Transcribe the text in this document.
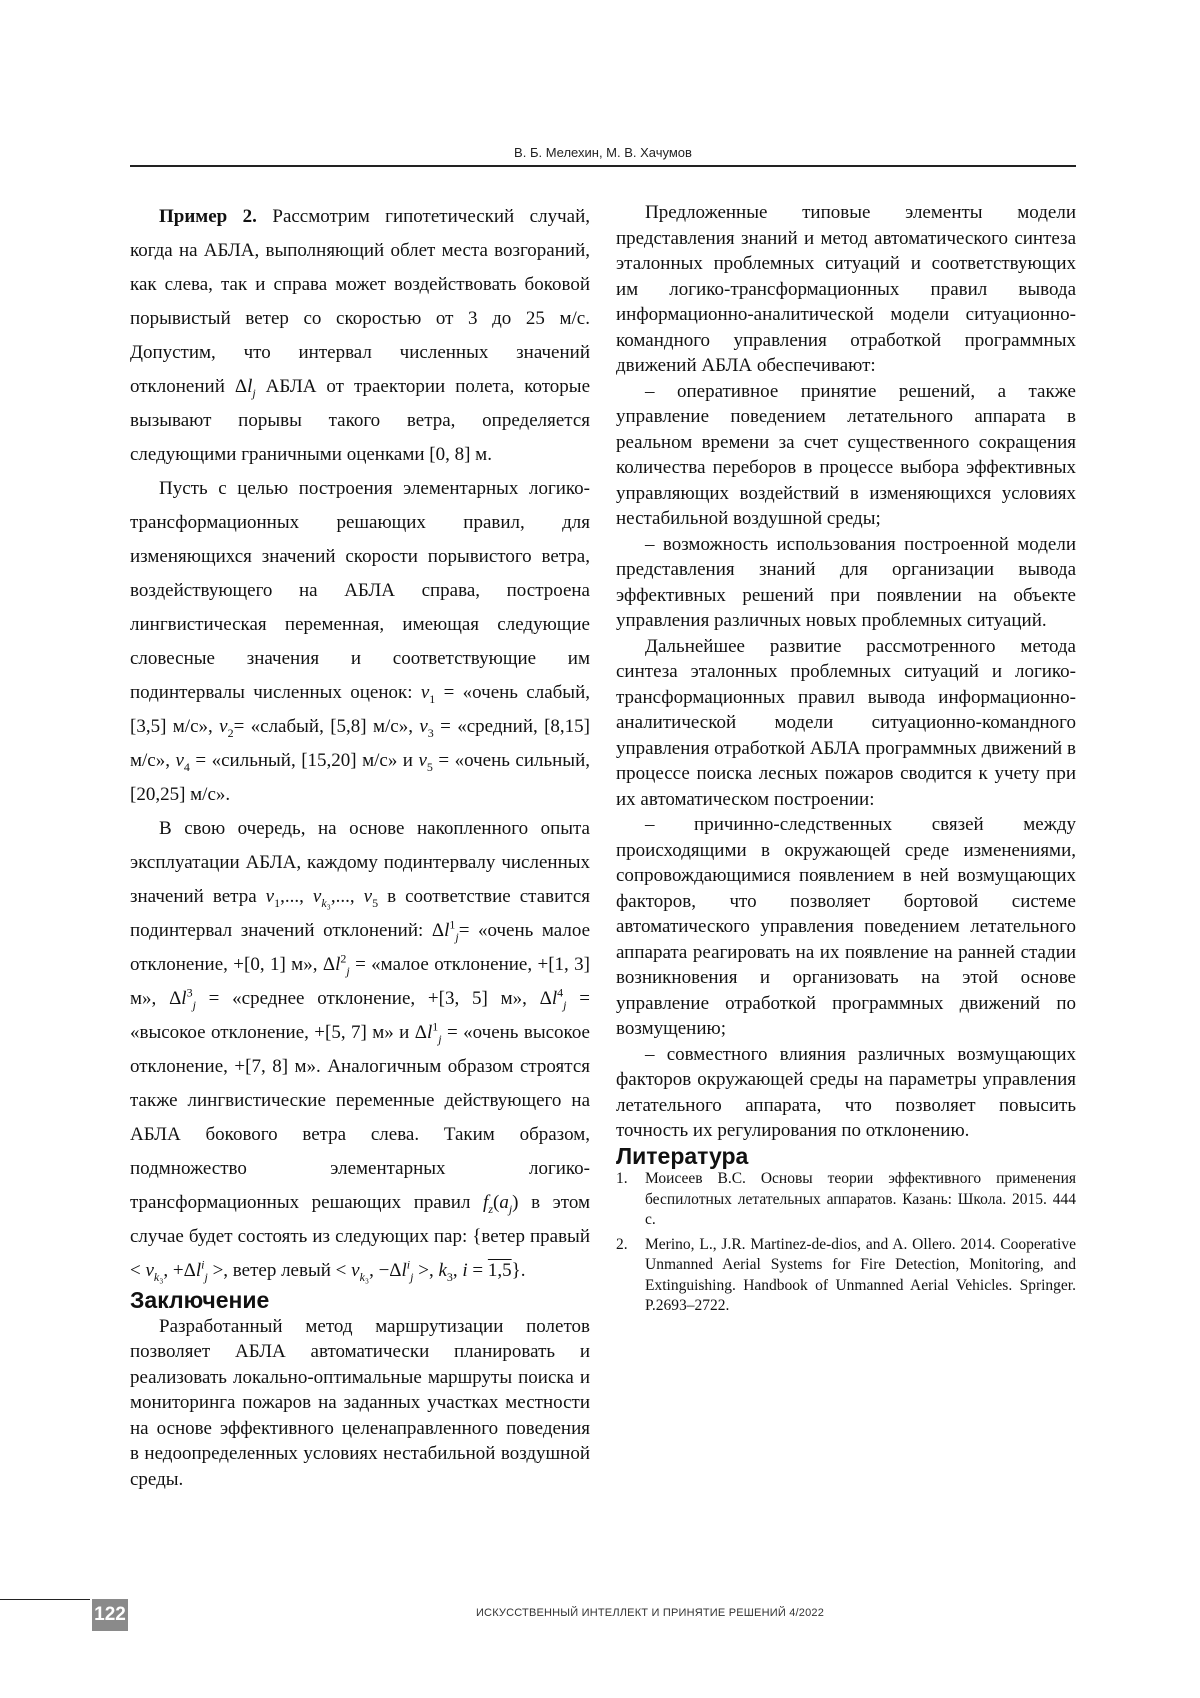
В. Б. Мелехин, М. В. Хачумов

Пример 2. Рассмотрим гипотетический случай, когда на АБЛА, выполняющий облет места возгораний, как слева, так и справа может воздействовать боковой порывистый ветер со скоростью от 3 до 25 м/с. Допустим, что интервал численных значений отклонений $\Delta l_j$ АБЛА от траектории полета, которые вызывают порывы такого ветра, определяется следующими граничными оценками [0, 8] м.

Пусть с целью построения элементарных логико-трансформационных решающих правил, для изменяющихся значений скорости порывистого ветра, воздействующего на АБЛА справа, построена лингвистическая переменная, имеющая следующие словесные значения и соответствующие им подинтервалы численных оценок: $v_1$ = «очень слабый, [3,5] м/с», $v_2=$ «слабый, [5,8] м/с», $v_3$ = «средний, [8,15] м/с», $v_4$ = «сильный, [15,20] м/с» и $v_5$ = «очень сильный, [20,25] м/с».

В свою очередь, на основе накопленного опыта эксплуатации АБЛА, каждому подинтервалу численных значений ветра $v_1$,..., $v_{k_3}$,..., $v_5$ в соответствие ставится подинтервал значений отклонений: $\Delta l^1_j=$ «очень малое отклонение, +[0, 1] м», $\Delta l^2_j$ = «малое отклонение, +[1, 3] м», $\Delta l^3_j$ = «среднее отклонение, +[3, 5] м», $\Delta l^4_j$ = «высокое отклонение, +[5, 7] м» и $\Delta l^1_j$ = «очень высокое отклонение, +[7, 8] м». Аналогичным образом строятся также лингвистические переменные действующего на АБЛА бокового ветра слева. Таким образом, подмножество элементарных логико-трансформационных решающих правил $f_z(a_j)$ в этом случае будет состоять из следующих пар: {ветер правый < $v_{k_3}$, $+\Delta l^i_j$ >, ветер левый < $v_{k_3}$, $-\Delta l^i_j$ >, $k_3$, i = 1,5}.

Заключение

Разработанный метод маршрутизации полетов позволяет АБЛА автоматически планировать и реализовать локально-оптимальные маршруты поиска и мониторинга пожаров на заданных участках местности на основе эффективного целенаправленного поведения в недоопределенных условиях нестабильной воздушной среды.

Предложенные типовые элементы модели представления знаний и метод автоматического синтеза эталонных проблемных ситуаций и соответствующих им логико-трансформационных правил вывода информационно-аналитической модели ситуационно-командного управления отработкой программных движений АБЛА обеспечивают:

– оперативное принятие решений, а также управление поведением летательного аппарата в реальном времени за счет существенного сокращения количества переборов в процессе выбора эффективных управляющих воздействий в изменяющихся условиях нестабильной воздушной среды;

– возможность использования построенной модели представления знаний для организации вывода эффективных решений при появлении на объекте управления различных новых проблемных ситуаций.

Дальнейшее развитие рассмотренного метода синтеза эталонных проблемных ситуаций и логико-трансформационных правил вывода информационно-аналитической модели ситуационно-командного управления отработкой АБЛА программных движений в процессе поиска лесных пожаров сводится к учету при их автоматическом построении:

– причинно-следственных связей между происходящими в окружающей среде изменениями, сопровождающимися появлением в ней возмущающих факторов, что позволяет бортовой системе автоматического управления поведением летательного аппарата реагировать на их появление на ранней стадии возникновения и организовать на этой основе управление отработкой программных движений по возмущению;

– совместного влияния различных возмущающих факторов окружающей среды на параметры управления летательного аппарата, что позволяет повысить точность их регулирования по отклонению.

Литература

1. Моисеев В.С. Основы теории эффективного применения беспилотных летательных аппаратов. Казань: Школа. 2015. 444 с.
2. Merino, L., J.R. Martinez-de-dios, and A. Ollero. 2014. Cooperative Unmanned Aerial Systems for Fire Detection, Monitoring, and Extinguishing. Handbook of Unmanned Aerial Vehicles. Springer. P.2693–2722.
122	ИСКУССТВЕННЫЙ ИНТЕЛЛЕКТ И ПРИНЯТИЕ РЕШЕНИЙ 4/2022
